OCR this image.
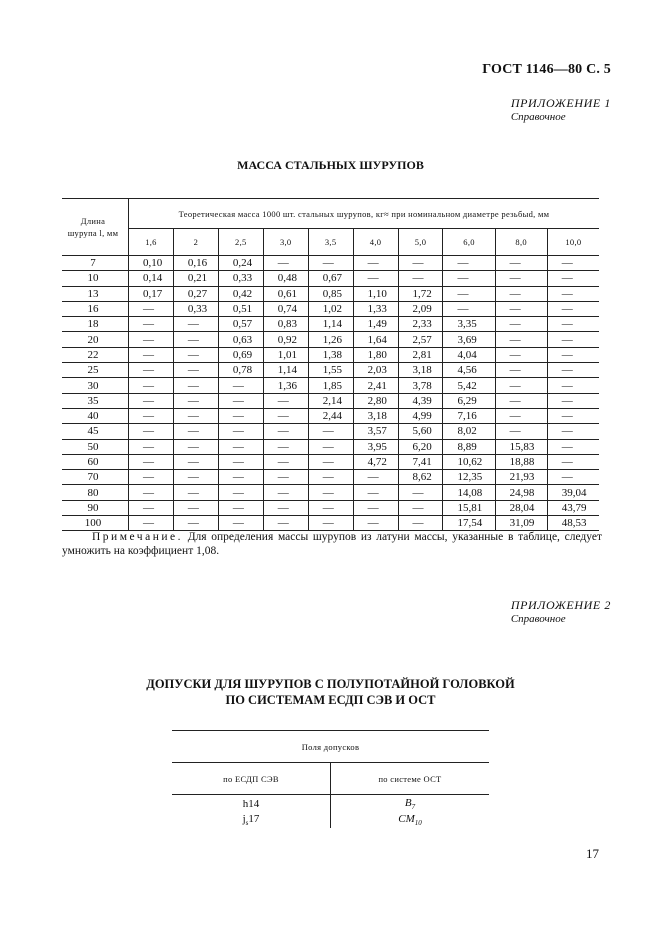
ГОСТ 1146—80 С. 5
ПРИЛОЖЕНИЕ 1
Справочное
МАССА СТАЛЬНЫХ ШУРУПОВ
Длина
шурупа l, мм	Теоретическая масса 1000 шт. стальных шурупов, кг≈ при номинальном диаметре резьбыd, мм									
	1,6	2	2,5	3,0	3,5	4,0	5,0	6,0	8,0	10,0
7	0,10	0,16	0,24	—	—	—	—	—	—	—
10	0,14	0,21	0,33	0,48	0,67	—	—	—	—	—
13	0,17	0,27	0,42	0,61	0,85	1,10	1,72	—	—	—
16	—	0,33	0,51	0,74	1,02	1,33	2,09	—	—	—
18	—	—	0,57	0,83	1,14	1,49	2,33	3,35	—	—
20	—	—	0,63	0,92	1,26	1,64	2,57	3,69	—	—
22	—	—	0,69	1,01	1,38	1,80	2,81	4,04	—	—
25	—	—	0,78	1,14	1,55	2,03	3,18	4,56	—	—
30	—	—	—	1,36	1,85	2,41	3,78	5,42	—	—
35	—	—	—	—	2,14	2,80	4,39	6,29	—	—
40	—	—	—	—	2,44	3,18	4,99	7,16	—	—
45	—	—	—	—	—	3,57	5,60	8,02	—	—
50	—	—	—	—	—	3,95	6,20	8,89	15,83	—
60	—	—	—	—	—	4,72	7,41	10,62	18,88	—
70	—	—	—	—	—	—	8,62	12,35	21,93	—
80	—	—	—	—	—	—	—	14,08	24,98	39,04
90	—	—	—	—	—	—	—	15,81	28,04	43,79
100	—	—	—	—	—	—	—	17,54	31,09	48,53
Примечание. Для определения массы шурупов из латуни массы, указанные в таблице, следует умножить на коэффициент 1,08.
ПРИЛОЖЕНИЕ 2
Справочное
ДОПУСКИ ДЛЯ ШУРУПОВ С ПОЛУПОТАЙНОЙ ГОЛОВКОЙ
ПО СИСТЕМАМ ЕСДП СЭВ И ОСТ
Поля допусков	
по ЕСДП СЭВ	по системе ОСТ
h14	$B_7$
$j_s17$	$CM_{10}$
17
